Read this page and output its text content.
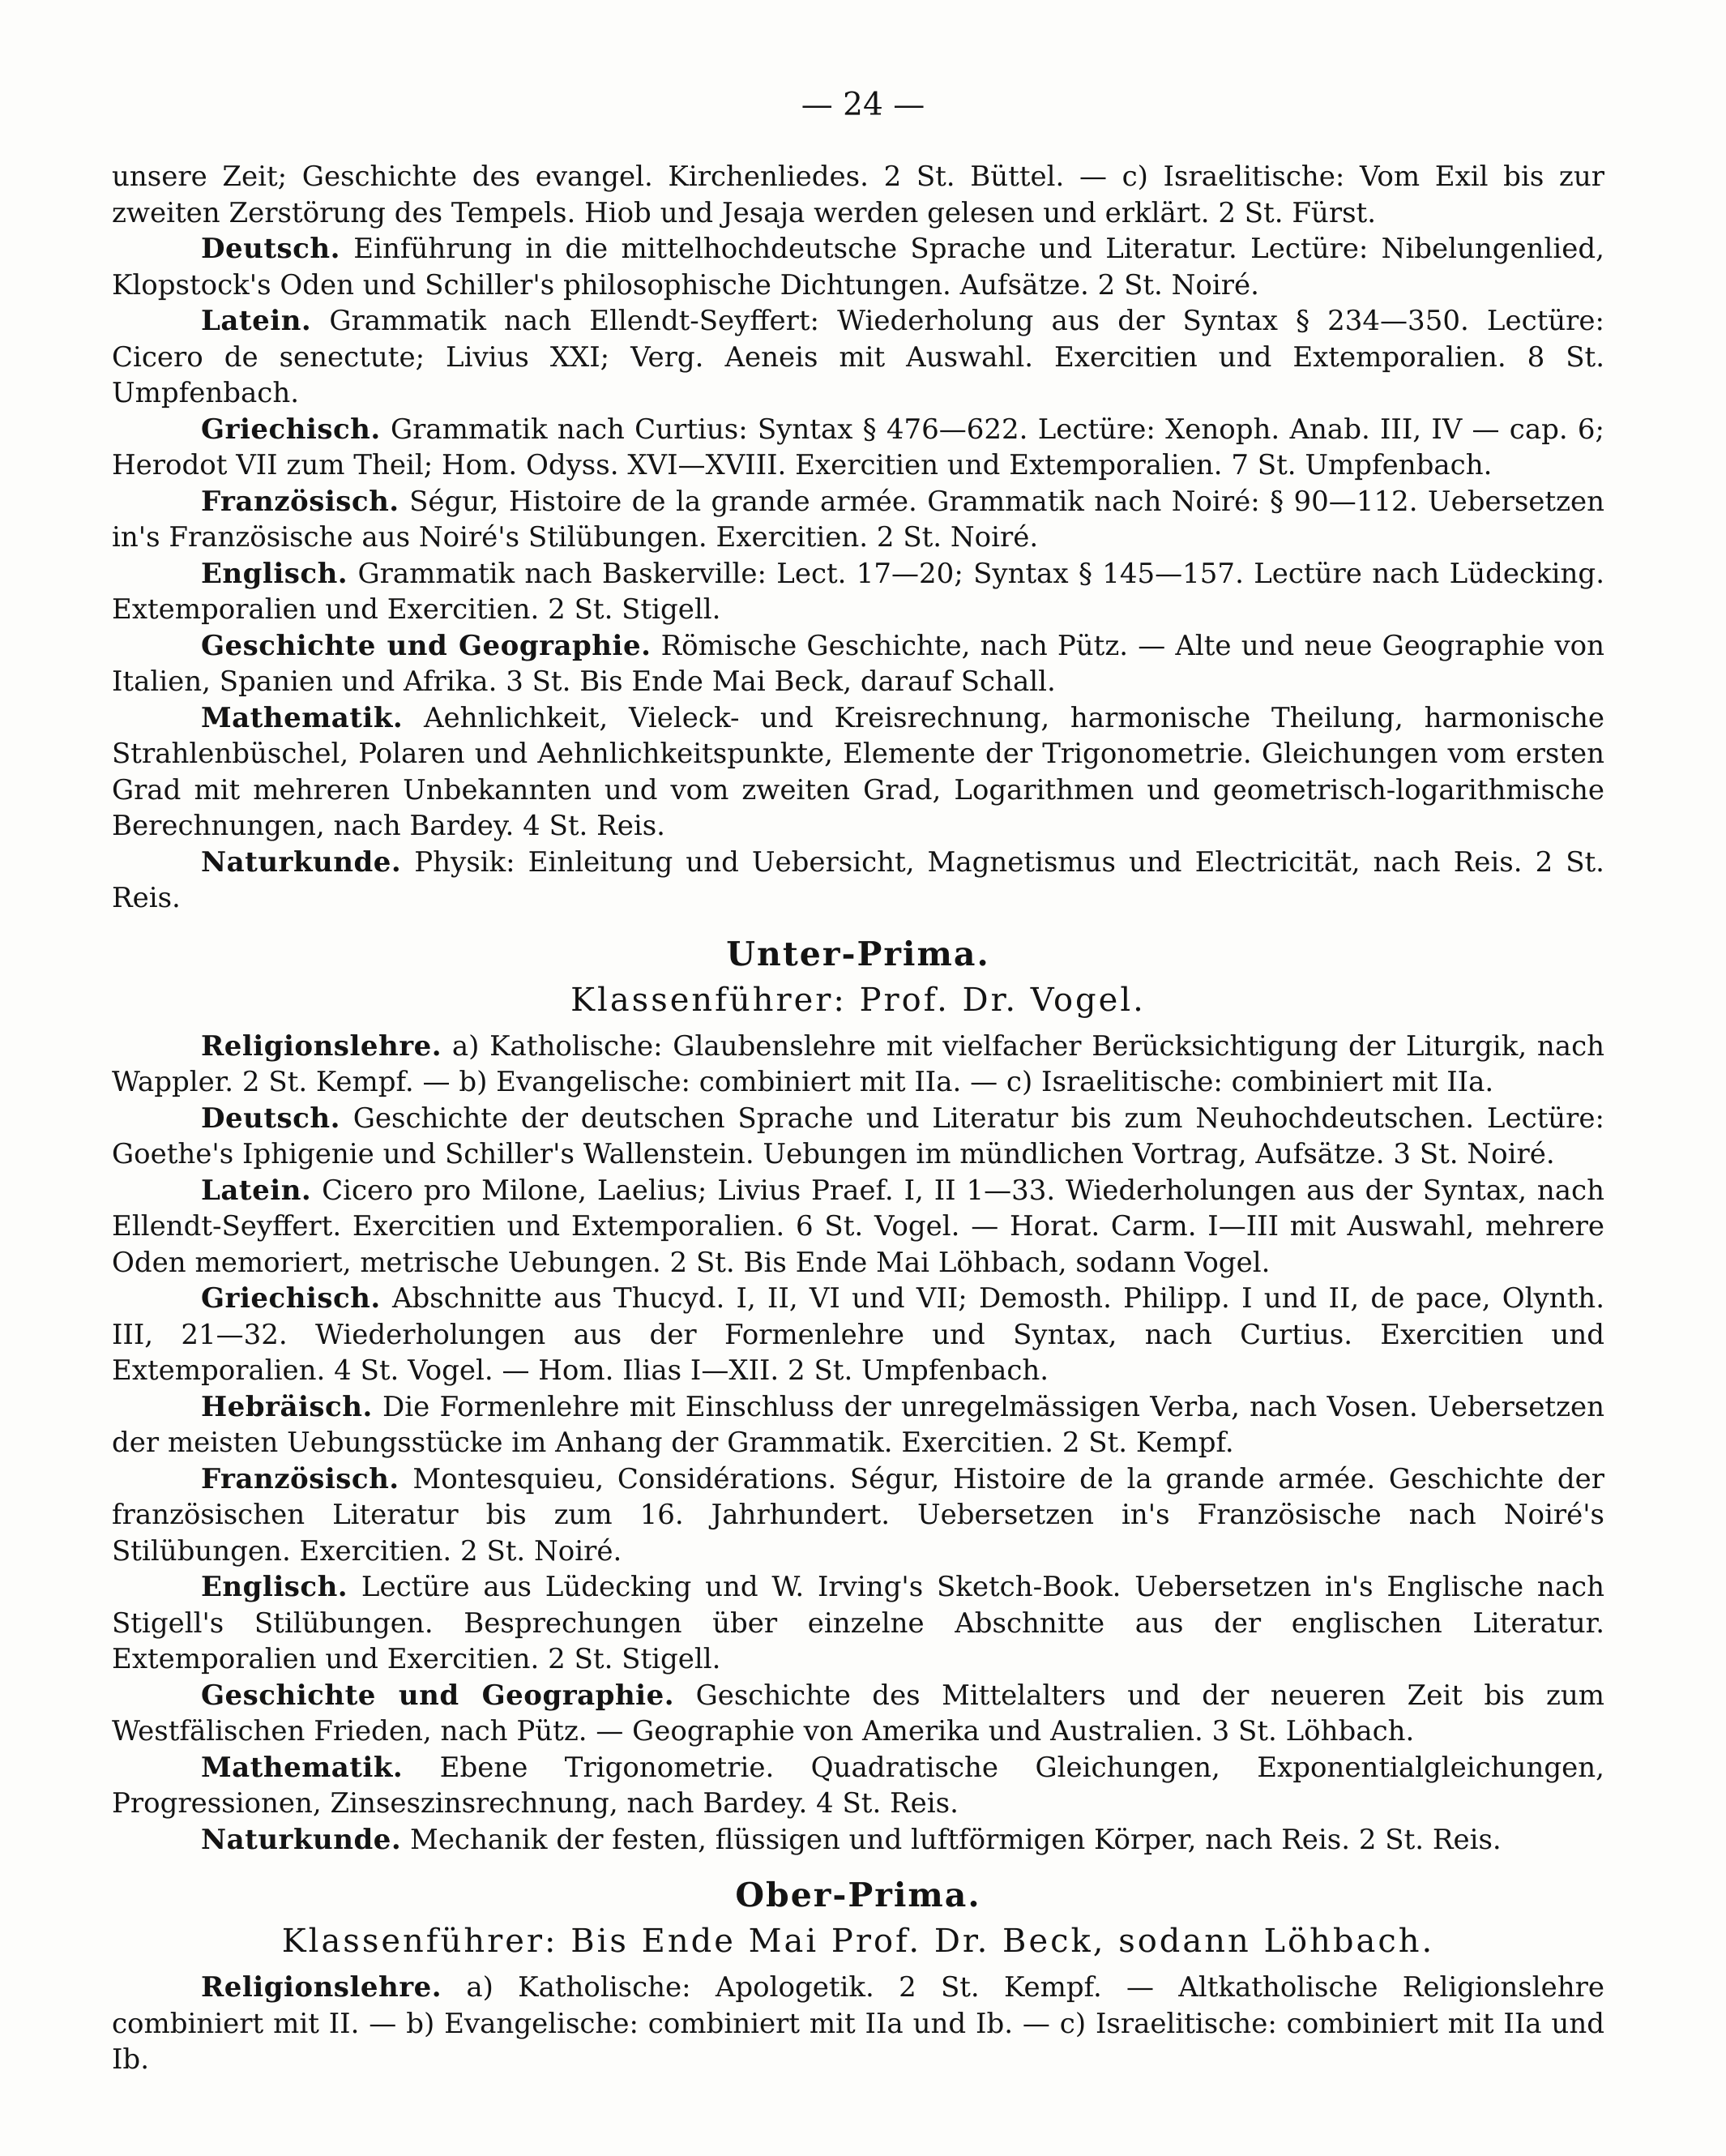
— 24 —

unsere Zeit; Geschichte des evangel. Kirchenliedes. 2 St. Büttel. — c) Israelitische: Vom Exil bis zur zweiten Zerstörung des Tempels. Hiob und Jesaja werden gelesen und erklärt. 2 St. Fürst.

Deutsch. Einführung in die mittelhochdeutsche Sprache und Literatur. Lectüre: Nibelungenlied, Klopstock's Oden und Schiller's philosophische Dichtungen. Aufsätze. 2 St. Noiré.

Latein. Grammatik nach Ellendt-Seyffert: Wiederholung aus der Syntax § 234—350. Lectüre: Cicero de senectute; Livius XXI; Verg. Aeneis mit Auswahl. Exercitien und Extemporalien. 8 St. Umpfenbach.

Griechisch. Grammatik nach Curtius: Syntax § 476—622. Lectüre: Xenoph. Anab. III, IV — cap. 6; Herodot VII zum Theil; Hom. Odyss. XVI—XVIII. Exercitien und Extemporalien. 7 St. Umpfenbach.

Französisch. Ségur, Histoire de la grande armée. Grammatik nach Noiré: § 90—112. Uebersetzen in's Französische aus Noiré's Stilübungen. Exercitien. 2 St. Noiré.

Englisch. Grammatik nach Baskerville: Lect. 17—20; Syntax § 145—157. Lectüre nach Lüdecking. Extemporalien und Exercitien. 2 St. Stigell.

Geschichte und Geographie. Römische Geschichte, nach Pütz. — Alte und neue Geographie von Italien, Spanien und Afrika. 3 St. Bis Ende Mai Beck, darauf Schall.

Mathematik. Aehnlichkeit, Vieleck- und Kreisrechnung, harmonische Theilung, harmonische Strahlenbüschel, Polaren und Aehnlichkeitspunkte, Elemente der Trigonometrie. Gleichungen vom ersten Grad mit mehreren Unbekannten und vom zweiten Grad, Logarithmen und geometrisch-logarithmische Berechnungen, nach Bardey. 4 St. Reis.

Naturkunde. Physik: Einleitung und Uebersicht, Magnetismus und Electricität, nach Reis. 2 St. Reis.

Unter-Prima.
Klassenführer: Prof. Dr. Vogel.

Religionslehre. a) Katholische: Glaubenslehre mit vielfacher Berücksichtigung der Liturgik, nach Wappler. 2 St. Kempf. — b) Evangelische: combiniert mit IIa. — c) Israelitische: combiniert mit IIa.

Deutsch. Geschichte der deutschen Sprache und Literatur bis zum Neuhochdeutschen. Lectüre: Goethe's Iphigenie und Schiller's Wallenstein. Uebungen im mündlichen Vortrag, Aufsätze. 3 St. Noiré.

Latein. Cicero pro Milone, Laelius; Livius Praef. I, II 1—33. Wiederholungen aus der Syntax, nach Ellendt-Seyffert. Exercitien und Extemporalien. 6 St. Vogel. — Horat. Carm. I—III mit Auswahl, mehrere Oden memoriert, metrische Uebungen. 2 St. Bis Ende Mai Löhbach, sodann Vogel.

Griechisch. Abschnitte aus Thucyd. I, II, VI und VII; Demosth. Philipp. I und II, de pace, Olynth. III, 21—32. Wiederholungen aus der Formenlehre und Syntax, nach Curtius. Exercitien und Extemporalien. 4 St. Vogel. — Hom. Ilias I—XII. 2 St. Umpfenbach.

Hebräisch. Die Formenlehre mit Einschluss der unregelmässigen Verba, nach Vosen. Uebersetzen der meisten Uebungsstücke im Anhang der Grammatik. Exercitien. 2 St. Kempf.

Französisch. Montesquieu, Considérations. Ségur, Histoire de la grande armée. Geschichte der französischen Literatur bis zum 16. Jahrhundert. Uebersetzen in's Französische nach Noiré's Stilübungen. Exercitien. 2 St. Noiré.

Englisch. Lectüre aus Lüdecking und W. Irving's Sketch-Book. Uebersetzen in's Englische nach Stigell's Stilübungen. Besprechungen über einzelne Abschnitte aus der englischen Literatur. Extemporalien und Exercitien. 2 St. Stigell.

Geschichte und Geographie. Geschichte des Mittelalters und der neueren Zeit bis zum Westfälischen Frieden, nach Pütz. — Geographie von Amerika und Australien. 3 St. Löhbach.

Mathematik. Ebene Trigonometrie. Quadratische Gleichungen, Exponentialgleichungen, Progressionen, Zinseszinsrechnung, nach Bardey. 4 St. Reis.

Naturkunde. Mechanik der festen, flüssigen und luftförmigen Körper, nach Reis. 2 St. Reis.

Ober-Prima.
Klassenführer: Bis Ende Mai Prof. Dr. Beck, sodann Löhbach.

Religionslehre. a) Katholische: Apologetik. 2 St. Kempf. — Altkatholische Religionslehre combiniert mit II. — b) Evangelische: combiniert mit IIa und Ib. — c) Israelitische: combiniert mit IIa und Ib.
